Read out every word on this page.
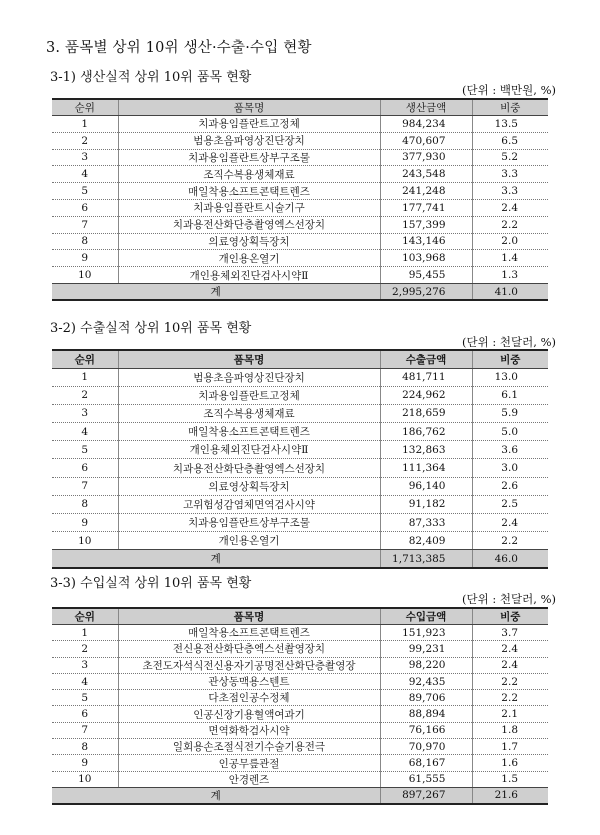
3. 품목별 상위 10위 생산·수출·수입 현황
3-1) 생산실적 상위 10위 품목 현황
(단위 : 백만원, %)
순위	품목명	생산금액	비중
1	치과용임플란트고정체	984,234	13.5
2	범용초음파영상진단장치	470,607	6.5
3	치과용임플란트상부구조물	377,930	5.2
4	조직수복용생체재료	243,548	3.3
5	매일착용소프트콘택트렌즈	241,248	3.3
6	치과용임플란트시술기구	177,741	2.4
7	치과용전산화단층촬영엑스선장치	157,399	2.2
8	의료영상획득장치	143,146	2.0
9	개인용온열기	103,968	1.4
10	개인용체외진단검사시약Ⅱ	95,455	1.3
계		2,995,276	41.0
3-2) 수출실적 상위 10위 품목 현황
(단위 : 천달러, %)
순위	품목명	수출금액	비중
1	범용초음파영상진단장치	481,711	13.0
2	치과용임플란트고정체	224,962	6.1
3	조직수복용생체재료	218,659	5.9
4	매일착용소프트콘택트렌즈	186,762	5.0
5	개인용체외진단검사시약Ⅱ	132,863	3.6
6	치과용전산화단층촬영엑스선장치	111,364	3.0
7	의료영상획득장치	96,140	2.6
8	고위험성감염체면역검사시약	91,182	2.5
9	치과용임플란트상부구조물	87,333	2.4
10	개인용온열기	82,409	2.2
계		1,713,385	46.0
3-3) 수입실적 상위 10위 품목 현황
(단위 : 천달러, %)
순위	품목명	수입금액	비중
1	매일착용소프트콘택트렌즈	151,923	3.7
2	전신용전산화단층엑스선촬영장치	99,231	2.4
3	초전도자석식전신용자기공명전산화단층촬영장	98,220	2.4
4	관상동맥용스텐트	92,435	2.2
5	다초점인공수정체	89,706	2.2
6	인공신장기용혈액여과기	88,894	2.1
7	면역화학검사시약	76,166	1.8
8	일회용손조절식전기수술기용전극	70,970	1.7
9	인공무릎관절	68,167	1.6
10	안경렌즈	61,555	1.5
계		897,267	21.6
